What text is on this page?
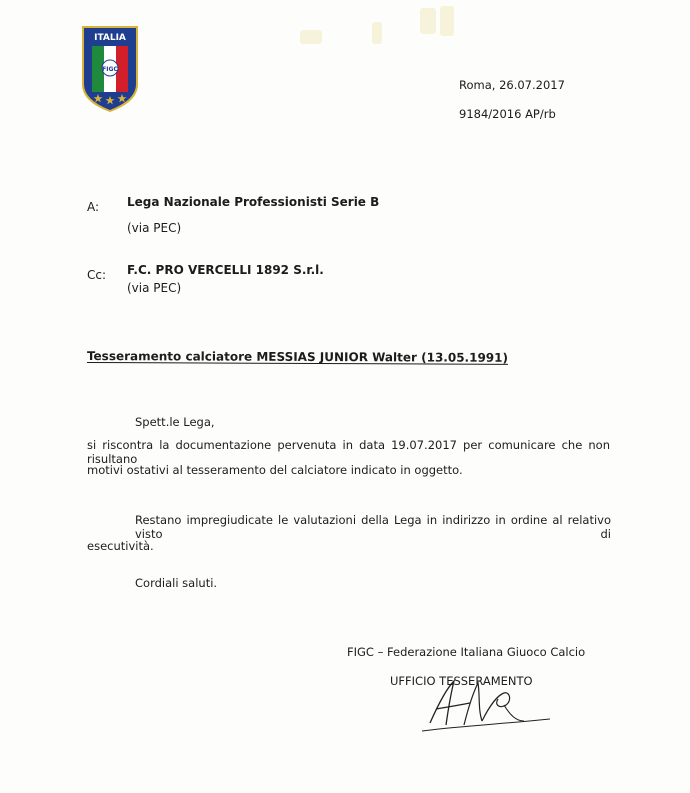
ITALIA
FIGC
Roma, 26.07.2017
9184/2016 AP/rb
A: Lega Nazionale Professionisti Serie B
(via PEC)
Cc: F.C. PRO VERCELLI 1892 S.r.l.
(via PEC)
Tesseramento calciatore MESSIAS JUNIOR Walter (13.05.1991)
Spett.le Lega,
si riscontra la documentazione pervenuta in data 19.07.2017 per comunicare che non risultano
motivi ostativi al tesseramento del calciatore indicato in oggetto.
Restano impregiudicate le valutazioni della Lega in indirizzo in ordine al relativo visto di
esecutività.
Cordiali saluti.
FIGC – Federazione Italiana Giuoco Calcio
UFFICIO TESSERAMENTO
